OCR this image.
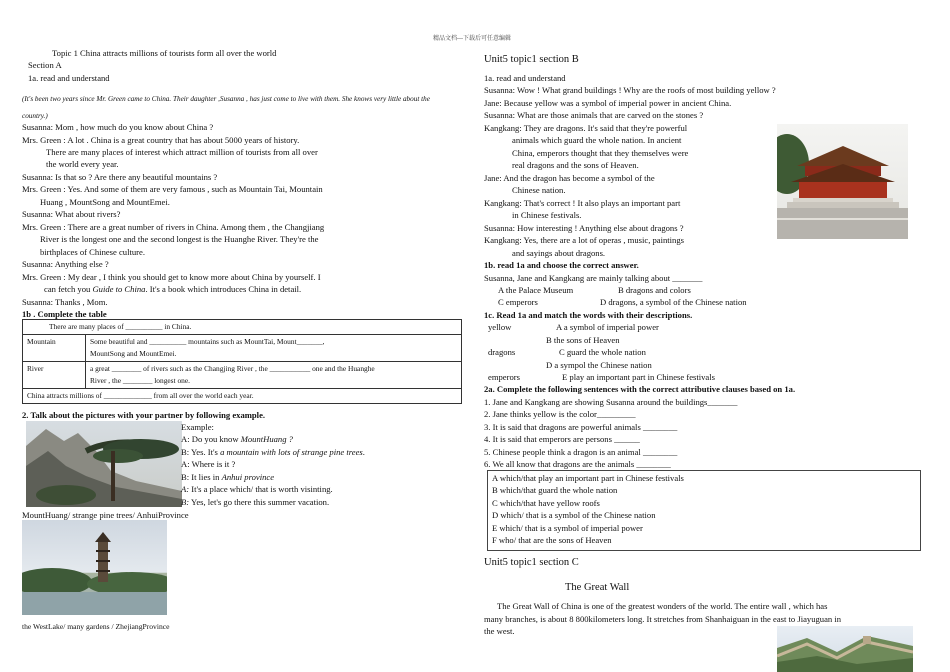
精品文档---下载后可任意编辑
Topic 1 China attracts millions of tourists form all over the world
Section A
1a. read and understand
(It's been two years since Mr. Green came to China. Their daughter ,Susanna , has just come to live with them. She knows very little about the country.)
Susanna: Mom , how much do you know about China ?
Mrs. Green : A lot . China is a great country that has about 5000 years of history.
There are many places of interest which attract million of tourists from all over
the world every year.
Susanna: Is that so ? Are there any beautiful mountains ?
Mrs. Green : Yes. And some of them are very famous , such as Mountain Tai, Mountain
Huang , MountSong and MountEmei.
Susanna: What about rivers?
Mrs. Green : There are a great number of rivers in China. Among them , the Changjiang
River is the longest one and the second longest is the Huanghe River. They're the
birthplaces of Chinese culture.
Susanna: Anything else ?
Mrs. Green : My dear , I think you should get to know more about China by yourself. I
can fetch you Guide to China. It's a book which introduces China in detail.
Susanna: Thanks , Mom.
1b . Complete the table
There are many places of __________ in China.	
Mountain	Some beautiful and __________ mountains such as MountTai, Mount_______,
MountSong and MountEmei.

River	a great ________ of rivers such as the Changjing River , the ___________ one and the Huanghe
River , the ________ longest one.

China attracts millions of _____________ from all over the world each year.	
2. Talk about the pictures with your partner by following example.
Example:
A: Do you know MountHuang ?
B: Yes. It's a mountain with lots of strange pine trees.
A: Where is it ?
B: It lies in Anhui province
A: It's a place which/ that is worth visinting.
B: Yes, let's go there this summer vacation.
MountHuang/ strange pine trees/ AnhuiProvince
the WestLake/ many gardens / ZhejiangProvince
Unit5 topic1 section B
1a. read and understand
Susanna: Wow ! What grand buildings ! Why are the roofs of most building yellow ?
Jane: Because yellow was a symbol of imperial power in ancient China.
Susanna: What are those animals that are carved on the stones ?
Kangkang: They are dragons. It's said that they're powerful
animals which guard the whole nation. In ancient
China, emperors thought that they themselves were
real dragons and the sons of Heaven.
Jane: And the dragon has become a symbol of the
Chinese nation.
Kangkang: That's correct ! It also plays an important part
in Chinese festivals.
Susanna: How interesting ! Anything else about dragons ?
Kangkang: Yes, there are a lot of operas , music, paintings
and sayings about dragons.
1b. read 1a and choose the correct answer.
Susanna, Jane and Kangkang are mainly talking about _______
A the Palace Museum	B dragons and colors
C emperors	D dragons, a symbol of the Chinese nation
1c. Read 1a and match the words with their descriptions.
yellow	A a symbol of imperial power
B the sons of Heaven
dragons	C guard the whole nation
D a sympol the Chinese nation
emperors	E play an important part in Chinese festivals
2a. Complete the following sentences with the correct attributive clauses based on 1a.
1. Jane and Kangkang are showing Susanna around the buildings_______
2. Jane thinks yellow is the color_________
3. It is said that dragons are powerful animals ________
4. It is said that emperors are persons ______
5. Chinese people think a dragon is an animal ________
6. We all know that dragons are the animals ________
A which/that play an important part in Chinese festivals
B which/that guard the whole nation
C which/that have yellow roofs
D which/ that is a symbol of the Chinese nation
E which/ that is a symbol of imperial power
F who/ that are the sons of Heaven
Unit5 topic1 section C
The Great Wall
The Great Wall of China is one of the greatest wonders of the world. The entire wall , which has
many branches, is about 8 800kilometers long. It stretches from Shanhaiguan in the east to Jiayuguan in
the west.
